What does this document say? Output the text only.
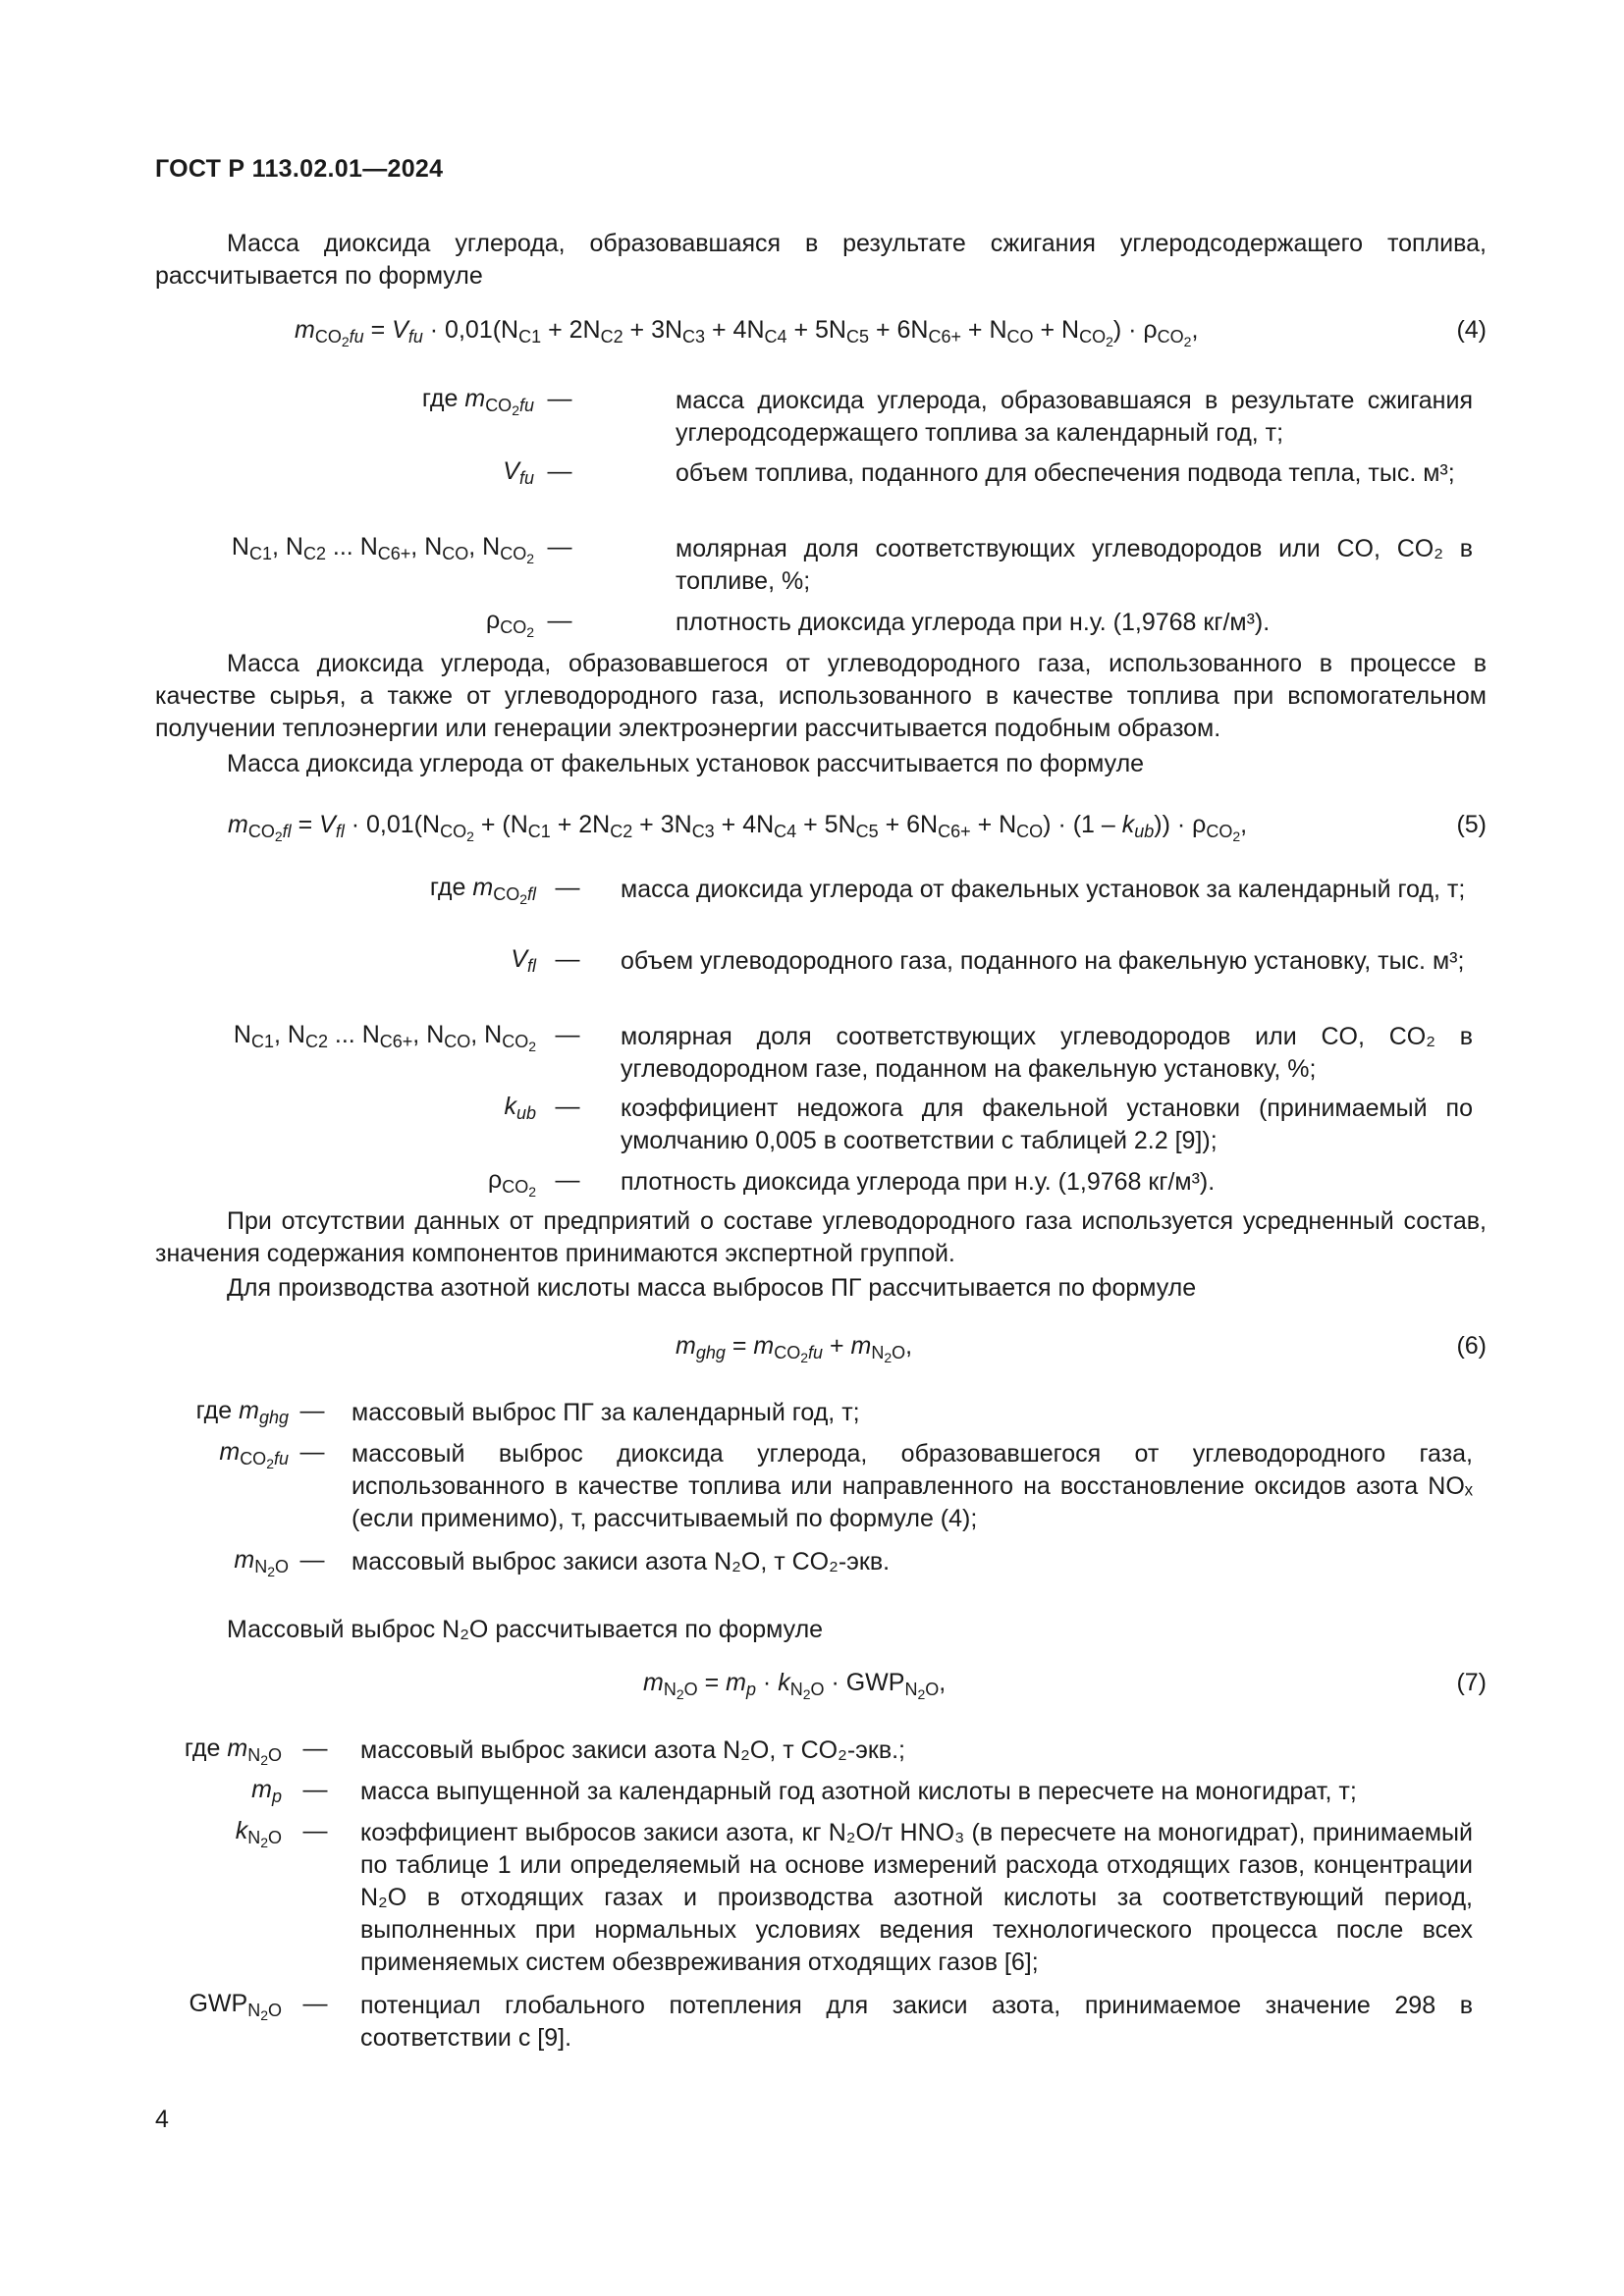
ГОСТ Р 113.02.01—2024
Масса диоксида углерода, образовавшаяся в результате сжигания углеродсодержащего топлива, рассчитывается по формуле
$m_{CO_2fu} = V_{fu} \cdot 0,01(N_{C1} + 2N_{C2} + 3N_{C3} + 4N_{C4} + 5N_{C5} + 6N_{C6+} + N_{CO} + N_{CO_2}) \cdot \rho_{CO_2}$,	(4)
где $m_{CO_2fu}$ —	масса диоксида углерода, образовавшаяся в результате сжигания углеродсодержащего топлива за календарный год, т;
$V_{fu}$ —	объем топлива, поданного для обеспечения подвода тепла, тыс. м³;
$N_{C1}$, $N_{C2}$ ... $N_{C6+}$, $N_{CO}$, $N_{CO_2}$ —	молярная доля соответствующих углеводородов или CO, CO₂ в топливе, %;
$\rho_{CO_2}$ —	плотность диоксида углерода при н.у. (1,9768 кг/м³).
Масса диоксида углерода, образовавшегося от углеводородного газа, использованного в процессе в качестве сырья, а также от углеводородного газа, использованного в качестве топлива при вспомогательном получении теплоэнергии или генерации электроэнергии рассчитывается подобным образом.
Масса диоксида углерода от факельных установок рассчитывается по формуле
$m_{CO_2fl} = V_{fl} \cdot 0,01(N_{CO_2} + (N_{C1} + 2N_{C2} + 3N_{C3} + 4N_{C4} + 5N_{C5} + 6N_{C6+} + N_{CO}) \cdot (1 - k_{ub})) \cdot \rho_{CO_2}$,	(5)
где $m_{CO_2fl}$ — масса диоксида углерода от факельных установок за календарный год, т;
$V_{fl}$ — объем углеводородного газа, поданного на факельную установку, тыс. м³;
$N_{C1}$, $N_{C2}$ ... $N_{C6+}$, $N_{CO}$, $N_{CO_2}$ — молярная доля соответствующих углеводородов или CO, CO₂ в углеводородном газе, поданном на факельную установку, %;
$k_{ub}$ — коэффициент недожога для факельной установки (принимаемый по умолчанию 0,005 в соответствии с таблицей 2.2 [9]);
$\rho_{CO_2}$ — плотность диоксида углерода при н.у. (1,9768 кг/м³).
При отсутствии данных от предприятий о составе углеводородного газа используется усредненный состав, значения содержания компонентов принимаются экспертной группой.
Для производства азотной кислоты масса выбросов ПГ рассчитывается по формуле
$m_{ghg} = m_{CO_2fu} + m_{N_2O}$,	(6)
где $m_{ghg}$ — массовый выброс ПГ за календарный год, т;
$m_{CO_2fu}$ — массовый выброс диоксида углерода, образовавшегося от углеводородного газа, использованного в качестве топлива или направленного на восстановление оксидов азота NOₓ (если применимо), т, рассчитываемый по формуле (4);
$m_{N_2O}$ — массовый выброс закиси азота N₂O, т CO₂-экв.
Массовый выброс N₂O рассчитывается по формуле
$m_{N_2O} = m_p \cdot k_{N_2O} \cdot GWP_{N_2O}$,	(7)
где $m_{N_2O}$ — массовый выброс закиси азота N₂O, т CO₂-экв.;
$m_p$ — масса выпущенной за календарный год азотной кислоты в пересчете на моногидрат, т;
$k_{N_2O}$ — коэффициент выбросов закиси азота, кг N₂O/т HNO₃ (в пересчете на моногидрат), принимаемый по таблице 1 или определяемый на основе измерений расхода отходящих газов, концентрации N₂O в отходящих газах и производства азотной кислоты за соответствующий период, выполненных при нормальных условиях ведения технологического процесса после всех применяемых систем обезвреживания отходящих газов [6];
$GWP_{N_2O}$ — потенциал глобального потепления для закиси азота, принимаемое значение 298 в соответствии с [9].
4
